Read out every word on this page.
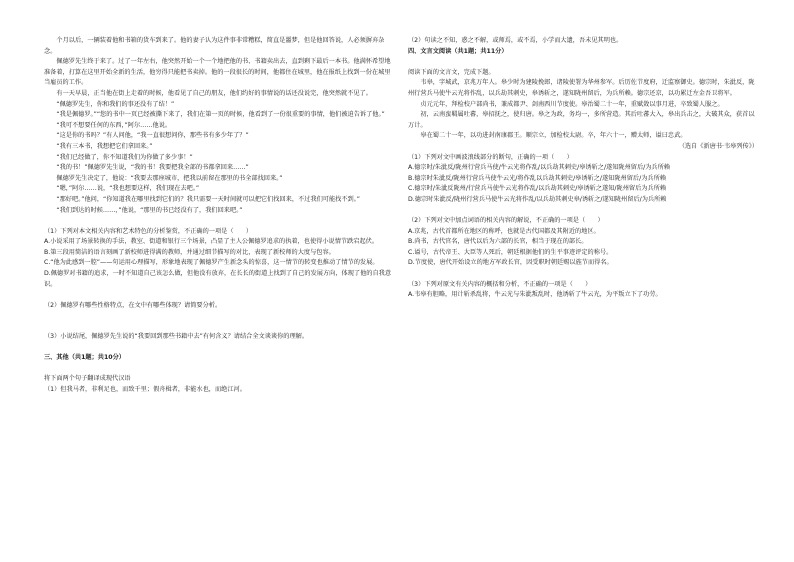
个月以后，一辆装着他和书箱的货车到来了。他的妻子认为这件事非常糟糕，简直是噩梦，但是他回答说，人必须摒弃杂念。

佩德罗先生终于来了。过了一年左右，他突然开始一个一个地把他的书、书籍卖出去，直到剩下最后一本书。他满怀希望地准备着，打算在这里开始全新的生活，他穷得只能把书卖掉。他的一段很长的时间，他都住在城里，他在报纸上找到一份在城里当雇员的工作。

有一天早晨，正当他在街上走着的时候，他看见了自己的朋友，他们约好的事情说的话还没说完，他突然就不见了。

“佩德罗先生，你和我们的事还没有了结！”

“我是佩德罗。”“您的书中一页已经被撕下来了，我们在第一页的时候，他看到了一份很重要的事情，他们被迫告诉了他。”

“我可不想要任何的东西，”阿尔……他说。

“这是你的书吗？”有人问他，“我一直很想问你，那些书有多少年了？”

“我有三本书，我想把它们拿回来。”

“我们已经做了，你不知道我们为你做了多少事！”

“我的书！”佩德罗先生说，“我的书！我要把我全部的书都拿回来……”

佩德罗先生决定了，他说：“我要去那座城市，把我以前留在那里的书全部找回来。”

“嗯，”阿尔……说，“我也想要这样，我们现在去吧。”

“那好吧。”他问，“你知道我在哪里找到它们的？我只需要一天时间就可以把它们找回来，不过我们可能找不到。”

“我们到达的时候……，”他说，“那里的书已经没有了，我们回来吧。”

（1）下列对本文相关内容和艺术特色的分析鉴赏，不正确的一项是（　　）

A.小说采用了场景转换的手法，教室、街道和银行三个场景，凸显了主人公佩德罗追求的执着，也使得小说情节跌宕起伏。

B.第三段用简洁的语言刻画了新校师进得满的教师，并通过细节描写的对比，表现了新校师的大度与包容。

C.“他为此感到一腔”——句运用心理描写，形象地表现了佩德罗产生新念头的惊喜，这一情节的转变也推动了情节的发展。

D.佩德罗对书籍的追求，一时不知道自己该怎么做，但他没有放弃，在长长的街道上找到了自己的发展方向，体现了他的自我意识。

（2）佩德罗有哪些性格特点，在文中有哪些体现？请简要分析。

（3）小说结尾，佩德罗先生说的“我要回到那些书籍中去”有何含义？请结合全文谈谈你的理解。

三、其他（共1题；共10分）

将下面两个句子翻译成现代汉语

（1）但我马者，非利足也，而致千里；假舟楫者，非能水也，而绝江河。

（2）句读之不知，惑之不解，或师焉，或不焉，小学而大遗，吾未见其明也。

四、文言文阅读（共1题；共11分）

阅读下面的文言文，完成下题。

韦皋，字城武，京兆万年人。皋少时为建陵挽郎，诸陵使署为华州参军。后历佐节度府，迁监察御史。德宗时，朱泚反，陇州行营兵马使牛云光将作乱，以兵劫其刺史，皋诱斩之，遂知陇州留后，为兵所赖。德宗还京，以功累迁左金吾卫将军。

贞元元年，拜检校户部尚书，兼成都尹、剑南西川节度使。皋治蜀二十一年，重赋敛以事月进，卒致蜀人服之。

初，云南蛮羁属吐蕃，皋招抚之，使归唐。皋之为政，务均一，多所营造。其后吐蕃大入，皋出兵击之，大破其众，获首以万计。

皋在蜀二十一年，以功进封南康郡王。顺宗立，加检校太尉。卒，年六十一，赠太师，谥曰忠武。

（选自《新唐书·韦皋列传》）

（1）下列对文中画波浪线部分的断句，正确的一项（　　）

A.德宗时/朱泚反/陇州行营兵马使/牛云光将作乱/以兵劫其刺史/皋诱斩之/遂知陇州留后/为兵所赖

B.德宗时朱泚反/陇州行营兵马使牛云光/将作乱以兵劫其刺史/皋诱斩之/遂知陇州留后/为兵所赖

C.德宗时/朱泚反陇州/行营兵马使牛云光将作乱/以兵劫其刺史/皋诱斩之遂知/陇州留后为兵所赖

D.德宗时朱泚反/陇州行营兵马使牛云光将作乱/以兵劫其刺史皋/诱斩之/遂知陇州留后/为兵所赖

（2）下列对文中加点词语的相关内容的解说，不正确的一项是（　　）

A.京兆，古代首都所在地区的称呼，也就是古代国都及其附近的地区。

B.尚书，古代官名，唐代以后为六部的长官，相当于现在的部长。

C.谥号，古代帝王、大臣等人死后，朝廷根据他们的生平事迹评定的称号。

D.节度使，唐代开始设立的地方军政长官，因受职时朝廷赐以旌节而得名。

（3）下列对原文有关内容的概括和分析，不正确的一项是（　　）

A.韦皋有胆略，用计斩杀乱将，牛云光与朱泚叛乱时，他诱斩了牛云光，为平叛立下了功劳。
